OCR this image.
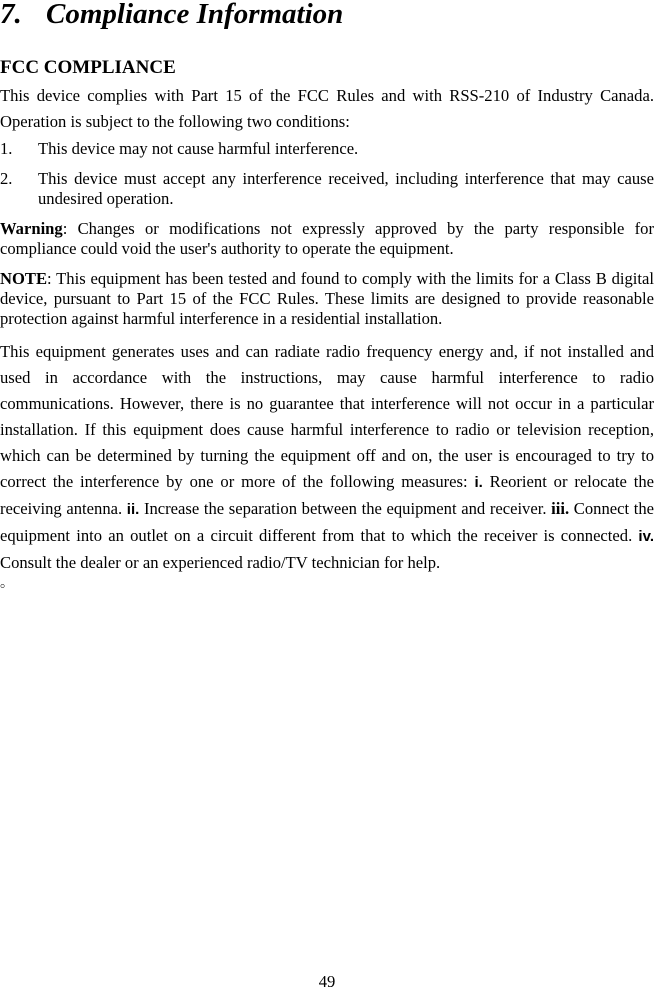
7. Compliance Information
FCC COMPLIANCE

This device complies with Part 15 of the FCC Rules and with RSS-210 of Industry Canada. Operation is subject to the following two conditions:

1.	This device may not cause harmful interference.
2.	This device must accept any interference received, including interference that may cause undesired operation.

Warning: Changes or modifications not expressly approved by the party responsible for compliance could void the user's authority to operate the equipment.

NOTE: This equipment has been tested and found to comply with the limits for a Class B digital device, pursuant to Part 15 of the FCC Rules. These limits are designed to provide reasonable protection against harmful interference in a residential installation.

This equipment generates uses and can radiate radio frequency energy and, if not installed and used in accordance with the instructions, may cause harmful interference to radio communications. However, there is no guarantee that interference will not occur in a particular installation. If this equipment does cause harmful interference to radio or television reception, which can be determined by turning the equipment off and on, the user is encouraged to try to correct the interference by one or more of the following measures: i. Reorient or relocate the receiving antenna. ii. Increase the separation between the equipment and receiver. iii. Connect the equipment into an outlet on a circuit different from that to which the receiver is connected. iv. Consult the dealer or an experienced radio/TV technician for help.

。

49
